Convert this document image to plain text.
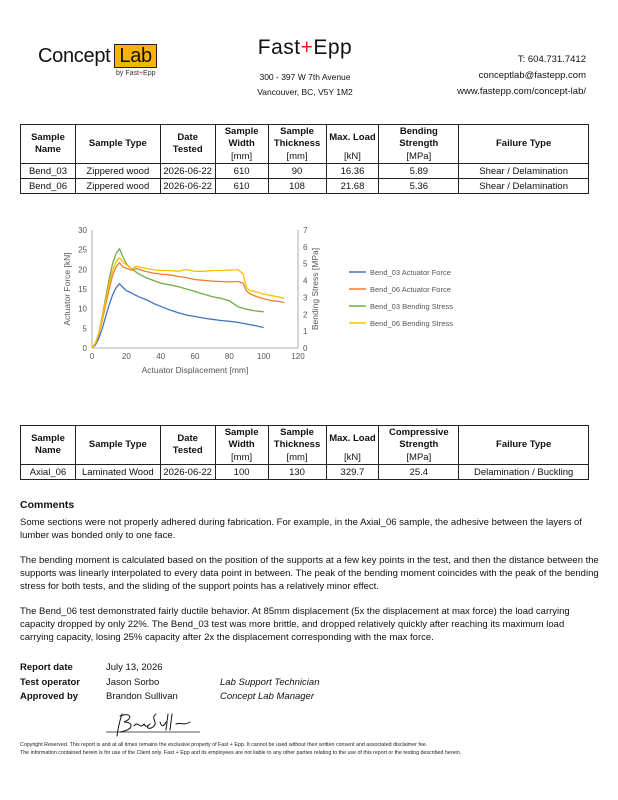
Concept Lab
by Fast+Epp
Fast+Epp
300 - 397 W 7th Avenue
Vancouver, BC, V5Y 1M2
T: 604.731.7412
conceptlab@fastepp.com
www.fastepp.com/concept-lab/
Sample Name	Sample Type	Date Tested	Sample Width	Sample Thickness	Max. Load	Bending Strength	Failure Type
			[mm]	[mm]	[kN]	[MPa]	
Bend_03	Zippered wood	2026-06-22	610	90	16.36	5.89	Shear / Delamination
Bend_06	Zippered wood	2026-06-22	610	108	21.68	5.36	Shear / Delamination
0	20	40	60	80	100	120
0
5
10
15
20
25
30
0
1
2
3
4
5
6
7
Actuator Displacement [mm]
Actuator Force [kN]	Bending Stress [MPa]	Bend_03 Actuator Force
Bend_06 Actuator Force
Bend_03 Bending Stress
Bend_06 Bending Stress
Sample Name	Sample Type	Date Tested	Sample Width	Sample Thickness	Max. Load	Compressive Strength	Failure Type
			[mm]	[mm]	[kN]	[MPa]	
Axial_06	Laminated Wood	2026-06-22	100	130	329.7	25.4	Delamination / Buckling
Comments

Some sections were not properly adhered during fabrication. For example, in the Axial_06 sample, the adhesive between the layers of lumber was bonded only to one face.

The bending moment is calculated based on the position of the supports at a few key points in the test, and then the distance between the supports was linearly interpolated to every data point in between. The peak of the bending moment coincides with the peak of the bending stress for both tests, and the sliding of the support points has a relatively minor effect.

The Bend_06 test demonstrated fairly ductile behavior. At 85mm displacement (5x the displacement at max force) the load carrying capacity dropped by only 22%. The Bend_03 test was more brittle, and dropped relatively quickly after reaching its maximum load carrying capacity, losing 25% capacity after 2x the displacement corresponding with the max force.

Report date	July 13, 2026
Test operator	Jason Sorbo	Lab Support Technician
Approved by	Brandon Sullivan	Concept Lab Manager
Copyright Reserved. This report is and at all times remains the exclusive property of Fast + Epp. It cannot be used without their written consent and associated disclaimer fee.
The information contained herein is for use of the Client only. Fast + Epp and its employees are not liable to any other parties relating to the use of this report or the testing described herein.
